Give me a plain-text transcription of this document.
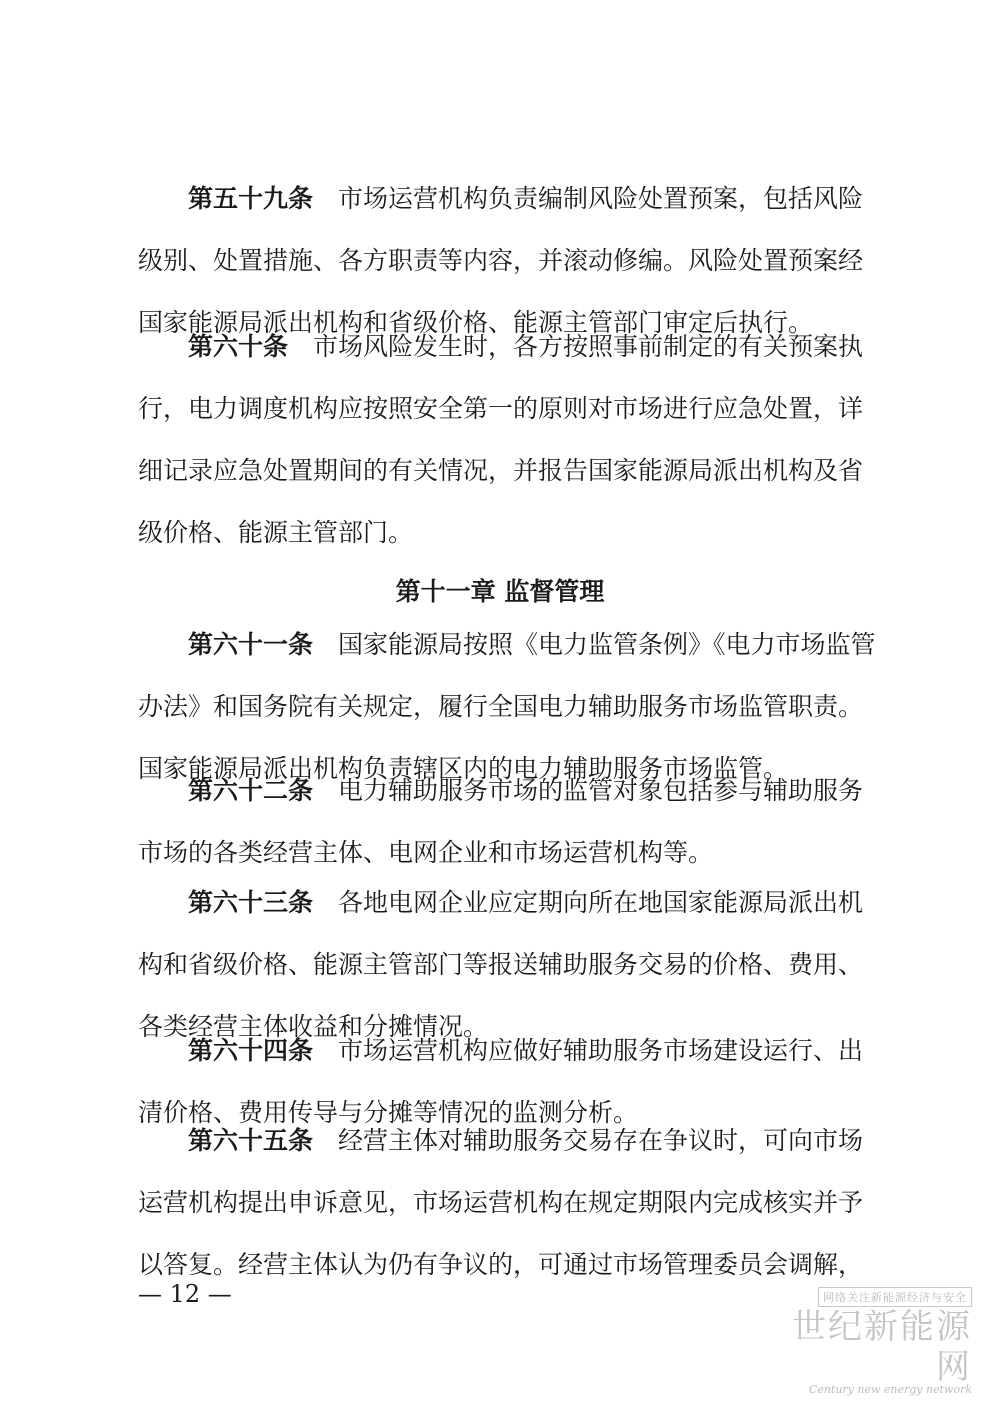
第五十九条　 市场运营机构负责编制风险处置预案，包括风险
级别、处置措施、各方职责等内容，并滚动修编。风险处置预案经
国家能源局派出机构和省级价格、能源主管部门审定后执行。
第六十条　 市场风险发生时，各方按照事前制定的有关预案执
行，电力调度机构应按照安全第一的原则对市场进行应急处置，详
细记录应急处置期间的有关情况，并报告国家能源局派出机构及省
级价格、能源主管部门。
第十一章 监督管理
第六十一条　 国家能源局按照《电力监管条例》《电力市场监管
办法》和国务院有关规定，履行全国电力辅助服务市场监管职责。
国家能源局派出机构负责辖区内的电力辅助服务市场监管。
第六十二条　 电力辅助服务市场的监管对象包括参与辅助服务
市场的各类经营主体、电网企业和市场运营机构等。
第六十三条　 各地电网企业应定期向所在地国家能源局派出机
构和省级价格、能源主管部门等报送辅助服务交易的价格、费用、
各类经营主体收益和分摊情况。
第六十四条　 市场运营机构应做好辅助服务市场建设运行、出
清价格、费用传导与分摊等情况的监测分析。
第六十五条　 经营主体对辅助服务交易存在争议时，可向市场
运营机构提出申诉意见，市场运营机构在规定期限内完成核实并予
以答复。经营主体认为仍有争议的，可通过市场管理委员会调解，
— 12 —	网络关注新能源经济与安全
世纪新能源网
Century new energy network
